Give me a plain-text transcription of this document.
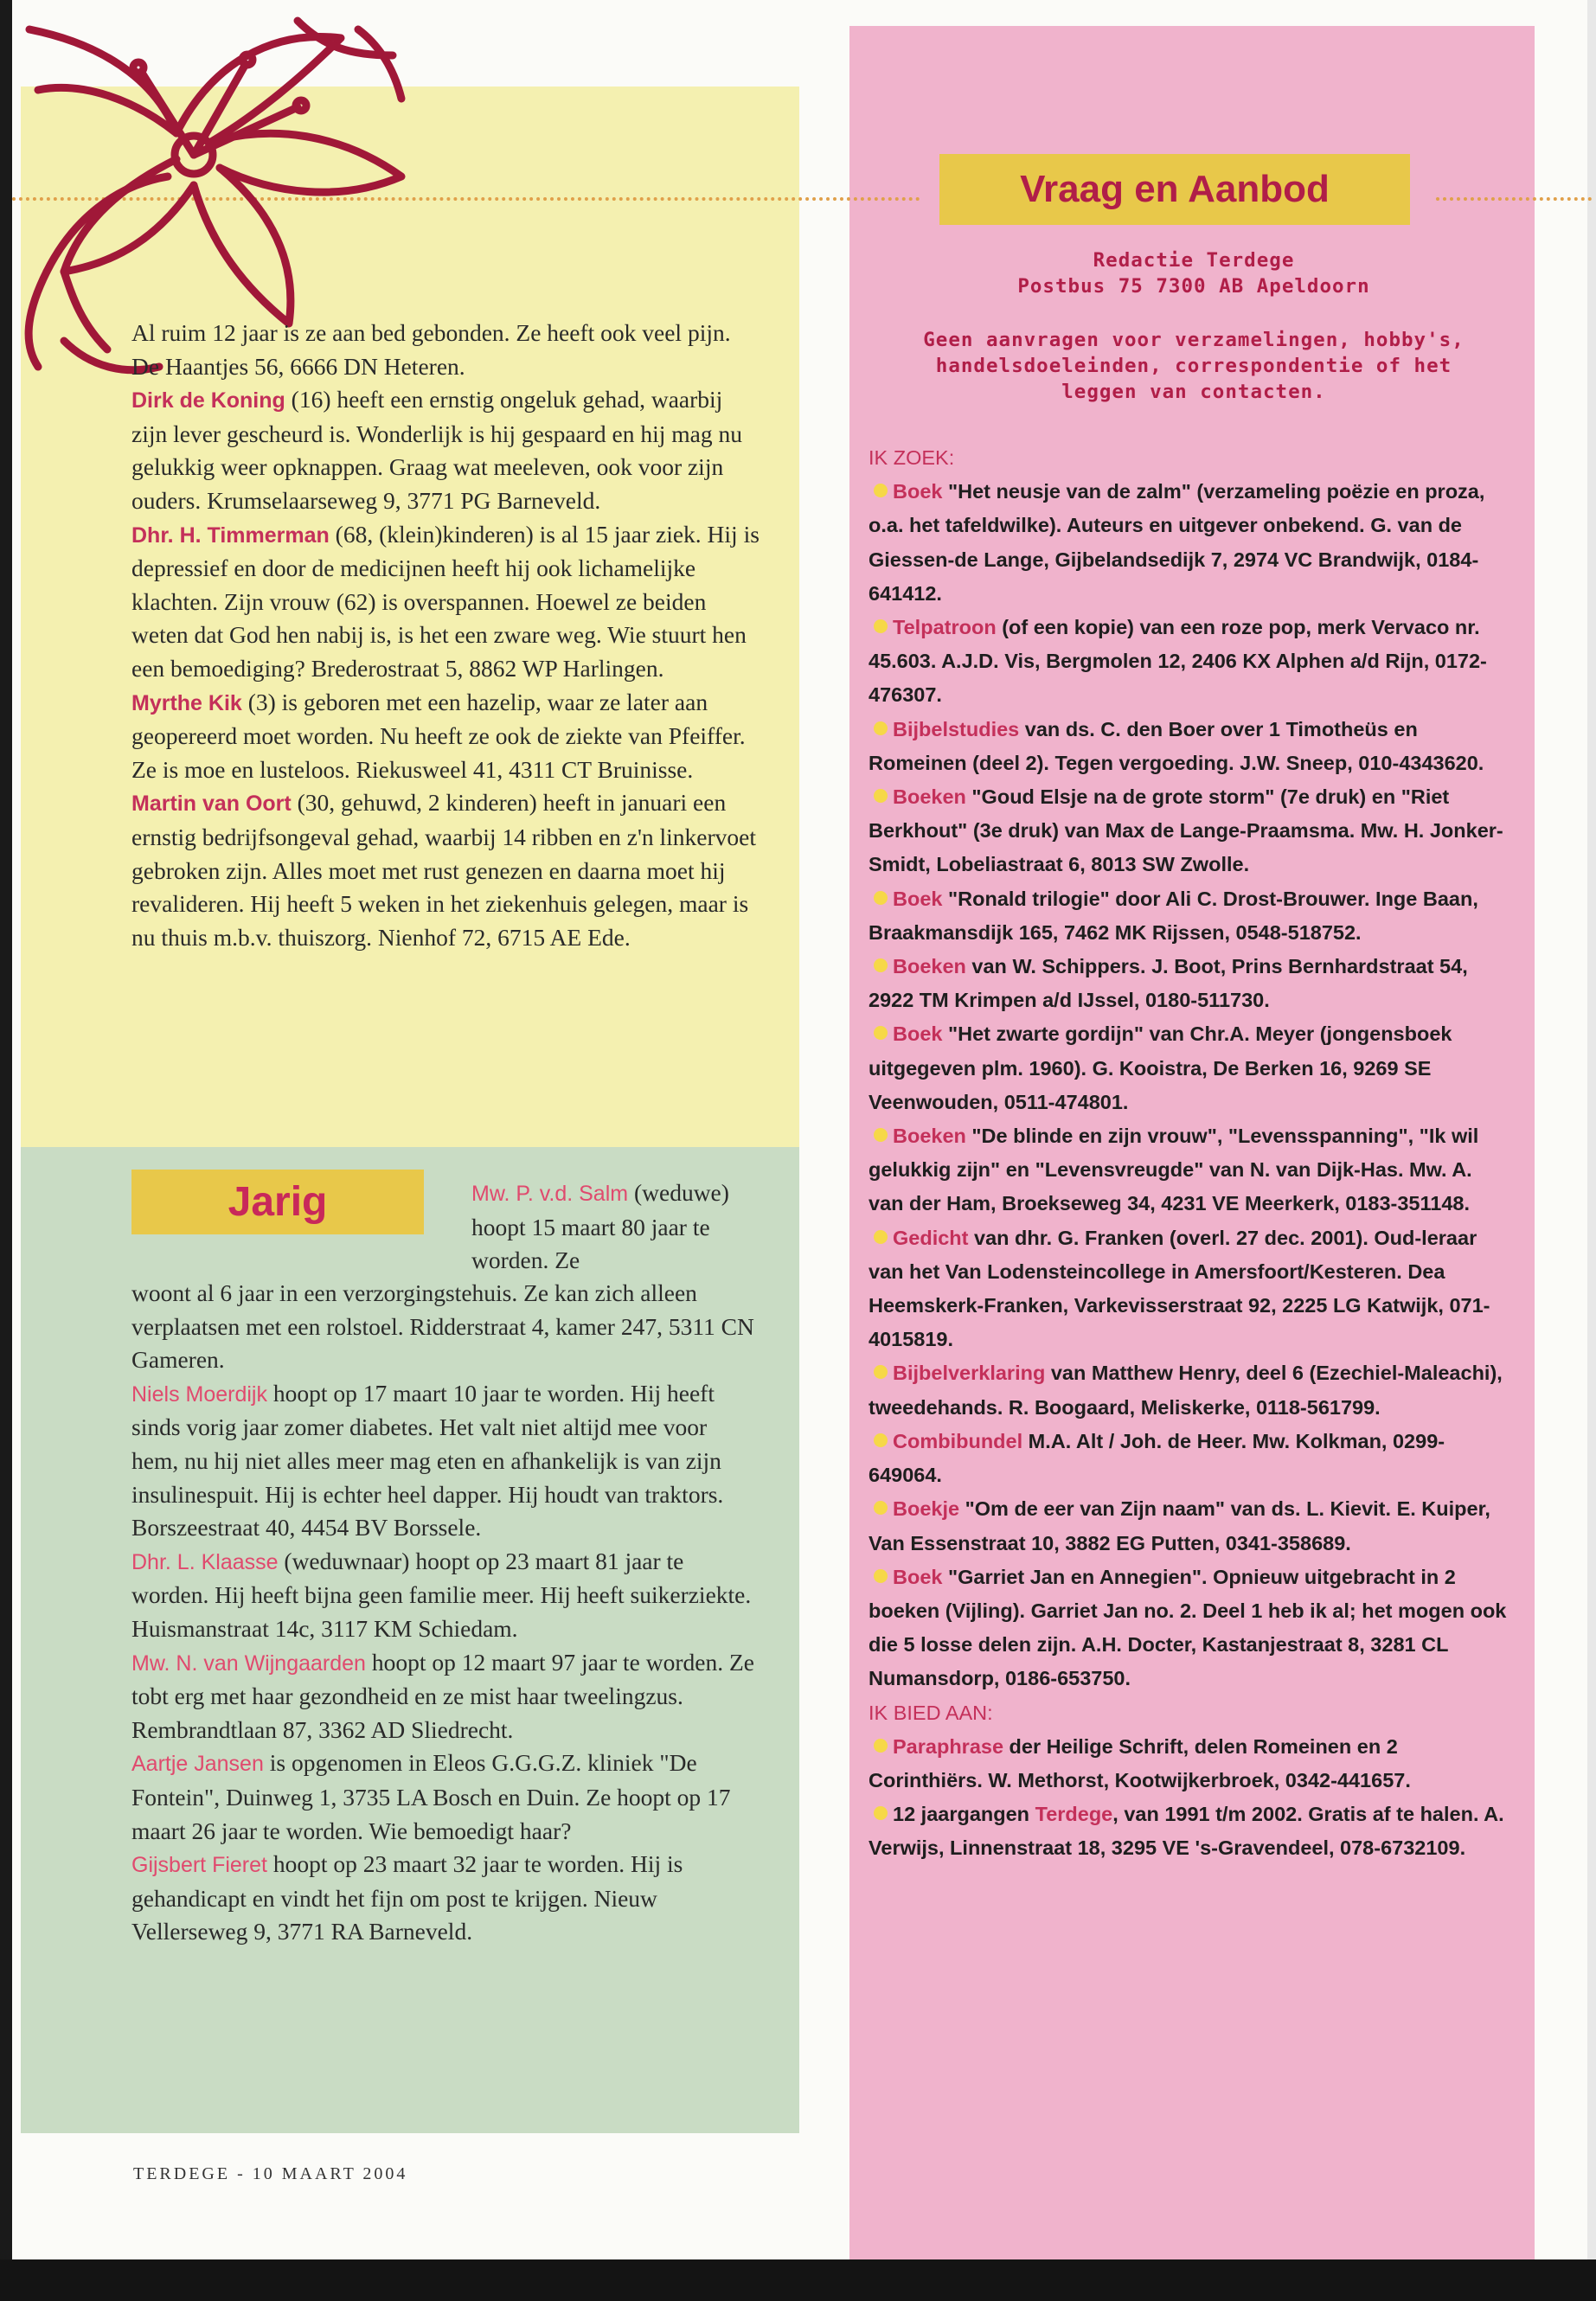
Al ruim 12 jaar is ze aan bed gebonden. Ze heeft ook veel pijn. De Haantjes 56, 6666 DN Heteren.

Dirk de Koning (16) heeft een ernstig ongeluk gehad, waarbij zijn lever gescheurd is. Wonderlijk is hij gespaard en hij mag nu gelukkig weer opknappen. Graag wat meeleven, ook voor zijn ouders. Krumselaarseweg 9, 3771 PG Barneveld.

Dhr. H. Timmerman (68, (klein)kinderen) is al 15 jaar ziek. Hij is depressief en door de medicijnen heeft hij ook lichamelijke klachten. Zijn vrouw (62) is overspannen. Hoewel ze beiden weten dat God hen nabij is, is het een zware weg. Wie stuurt hen een bemoediging? Brederostraat 5, 8862 WP Harlingen.

Myrthe Kik (3) is geboren met een hazelip, waar ze later aan geopereerd moet worden. Nu heeft ze ook de ziekte van Pfeiffer. Ze is moe en lusteloos. Riekusweel 41, 4311 CT Bruinisse.

Martin van Oort (30, gehuwd, 2 kinderen) heeft in januari een ernstig bedrijfsongeval gehad, waarbij 14 ribben en z'n linkervoet gebroken zijn. Alles moet met rust genezen en daarna moet hij revalideren. Hij heeft 5 weken in het ziekenhuis gelegen, maar is nu thuis m.b.v. thuiszorg. Nienhof 72, 6715 AE Ede.

Jarig	Mw. P. v.d. Salm (weduwe) hoopt 15 maart 80 jaar te worden. Ze

woont al 6 jaar in een verzorgingstehuis. Ze kan zich alleen verplaatsen met een rolstoel. Ridderstraat 4, kamer 247, 5311 CN Gameren.

Niels Moerdijk hoopt op 17 maart 10 jaar te worden. Hij heeft sinds vorig jaar zomer diabetes. Het valt niet altijd mee voor hem, nu hij niet alles meer mag eten en afhankelijk is van zijn insulinespuit. Hij is echter heel dapper. Hij houdt van traktors. Borszeestraat 40, 4454 BV Borssele.

Dhr. L. Klaasse (weduwnaar) hoopt op 23 maart 81 jaar te worden. Hij heeft bijna geen familie meer. Hij heeft suikerziekte. Huismanstraat 14c, 3117 KM Schiedam.

Mw. N. van Wijngaarden hoopt op 12 maart 97 jaar te worden. Ze tobt erg met haar gezondheid en ze mist haar tweelingzus. Rembrandtlaan 87, 3362 AD Sliedrecht.

Aartje Jansen is opgenomen in Eleos G.G.G.Z. kliniek "De Fontein", Duinweg 1, 3735 LA Bosch en Duin. Ze hoopt op 17 maart 26 jaar te worden. Wie bemoedigt haar?

Gijsbert Fieret hoopt op 23 maart 32 jaar te worden. Hij is gehandicapt en vindt het fijn om post te krijgen. Nieuw Vellerseweg 9, 3771 RA Barneveld.

Vraag en Aanbod
Redactie Terdege
Postbus 75 7300 AB Apeldoorn
Geen aanvragen voor verzamelingen, hobby's, handelsdoeleinden, correspondentie of het leggen van contacten.

IK ZOEK:

Boek "Het neusje van de zalm" (verzameling poëzie en proza, o.a. het tafeldwilke). Auteurs en uitgever onbekend. G. van de Giessen-de Lange, Gijbelandsedijk 7, 2974 VC Brandwijk, 0184-641412.

Telpatroon (of een kopie) van een roze pop, merk Vervaco nr. 45.603. A.J.D. Vis, Bergmolen 12, 2406 KX Alphen a/d Rijn, 0172-476307.

Bijbelstudies van ds. C. den Boer over 1 Timotheüs en Romeinen (deel 2). Tegen vergoeding. J.W. Sneep, 010-4343620.

Boeken "Goud Elsje na de grote storm" (7e druk) en "Riet Berkhout" (3e druk) van Max de Lange-Praamsma. Mw. H. Jonker-Smidt, Lobeliastraat 6, 8013 SW Zwolle.

Boek "Ronald trilogie" door Ali C. Drost-Brouwer. Inge Baan, Braakmansdijk 165, 7462 MK Rijssen, 0548-518752.

Boeken van W. Schippers. J. Boot, Prins Bernhardstraat 54, 2922 TM Krimpen a/d IJssel, 0180-511730.

Boek "Het zwarte gordijn" van Chr.A. Meyer (jongensboek uitgegeven plm. 1960). G. Kooistra, De Berken 16, 9269 SE Veenwouden, 0511-474801.

Boeken "De blinde en zijn vrouw", "Levensspanning", "Ik wil gelukkig zijn" en "Levensvreugde" van N. van Dijk-Has. Mw. A. van der Ham, Broekseweg 34, 4231 VE Meerkerk, 0183-351148.

Gedicht van dhr. G. Franken (overl. 27 dec. 2001). Oud-leraar van het Van Lodensteincollege in Amersfoort/Kesteren. Dea Heemskerk-Franken, Varkevisserstraat 92, 2225 LG Katwijk, 071-4015819.

Bijbelverklaring van Matthew Henry, deel 6 (Ezechiel-Maleachi), tweedehands. R. Boogaard, Meliskerke, 0118-561799.

Combibundel M.A. Alt / Joh. de Heer. Mw. Kolkman, 0299-649064.

Boekje "Om de eer van Zijn naam" van ds. L. Kievit. E. Kuiper, Van Essenstraat 10, 3882 EG Putten, 0341-358689.

Boek "Garriet Jan en Annegien". Opnieuw uitgebracht in 2 boeken (Vijling). Garriet Jan no. 2. Deel 1 heb ik al; het mogen ook die 5 losse delen zijn. A.H. Docter, Kastanjestraat 8, 3281 CL Numansdorp, 0186-653750.

IK BIED AAN:

Paraphrase der Heilige Schrift, delen Romeinen en 2 Corinthiërs. W. Methorst, Kootwijkerbroek, 0342-441657.

12 jaargangen Terdege, van 1991 t/m 2002. Gratis af te halen. A. Verwijs, Linnenstraat 18, 3295 VE 's-Gravendeel, 078-6732109.

TERDEGE - 10 MAART 2004
